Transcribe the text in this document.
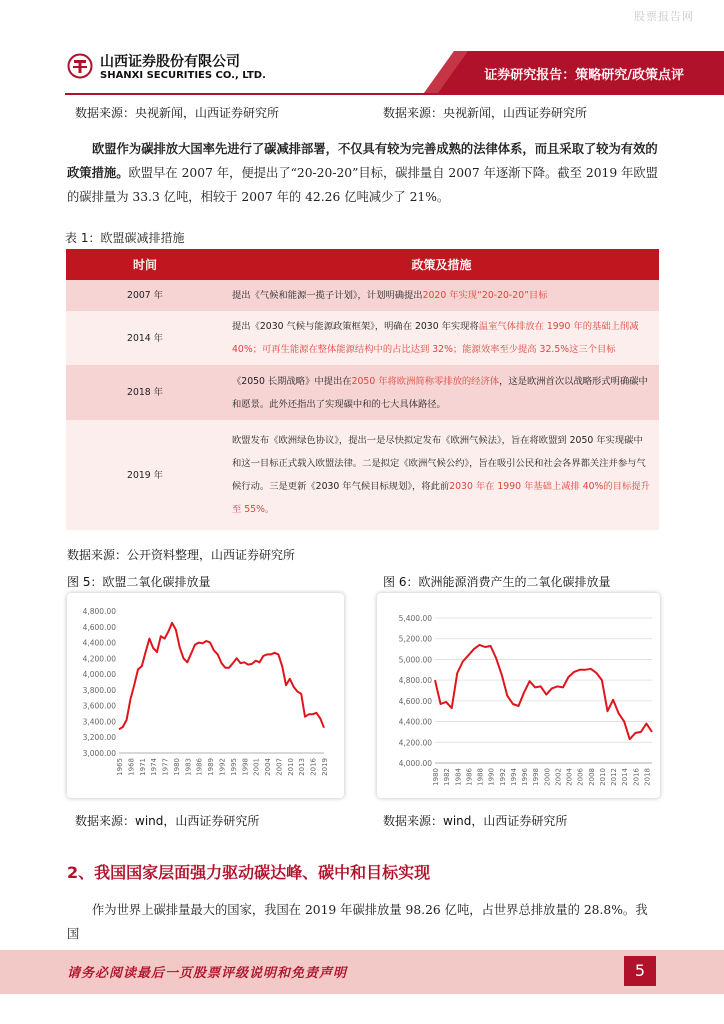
股票报告网
山西证券股份有限公司
SHANXI SECURITIES CO., LTD.	证券研究报告：策略研究/政策点评
数据来源：央视新闻，山西证券研究所	数据来源：央视新闻，山西证券研究所
欧盟作为碳排放大国率先进行了碳减排部署，不仅具有较为完善成熟的法律体系，而且采取了较为有效的政策措施。欧盟早在 2007 年，便提出了“20-20-20”目标，碳排量自 2007 年逐渐下降。截至 2019 年欧盟的碳排量为 33.3 亿吨，相较于 2007 年的 42.26 亿吨减少了 21%。
表 1：欧盟碳减排措施
时间	政策及措施
2007 年	提出《气候和能源一揽子计划》，计划明确提出2020 年实现“20-20-20”目标
2014 年	提出《2030 气候与能源政策框架》，明确在 2030 年实现将温室气体排放在 1990 年的基础上削减 40%；可再生能源在整体能源结构中的占比达到 32%；能源效率至少提高 32.5%这三个目标
2018 年	《2050 长期战略》中提出在2050 年将欧洲简称零排放的经济体，这是欧洲首次以战略形式明确碳中和愿景。此外还指出了实现碳中和的七大具体路径。
2019 年	欧盟发布《欧洲绿色协议》，提出一是尽快拟定发布《欧洲气候法》，旨在将欧盟到 2050 年实现碳中和这一目标正式载入欧盟法律。二是拟定《欧洲气候公约》，旨在吸引公民和社会各界都关注并参与气候行动。三是更新《2030 年气候目标规划》，将此前2030 年在 1990 年基础上减排 40%的目标提升至 55%。
数据来源：公开资料整理，山西证券研究所
图 5：欧盟二氧化碳排放量	图 6：欧洲能源消费产生的二氧化碳排放量
3,000.00
3,200.00
3,400.00
3,600.00
3,800.00
4,000.00
4,200.00
4,400.00
4,600.00
4,800.00
1965 1968 1971 1974 1977 1980 1983 1986 1989 1992 1995 1998 2001 2004 2007 2010 2013 2016 2019	4,000.00
4,200.00
4,400.00
4,600.00
4,800.00
5,000.00
5,200.00
5,400.00
1980 1982 1984 1986 1988 1990 1992 1994 1996 1998 2000 2002 2004 2006 2008 2010 2012 2014 2016 2018
数据来源：wind，山西证券研究所	数据来源：wind，山西证券研究所
2、我国国家层面强力驱动碳达峰、碳中和目标实现
作为世界上碳排量最大的国家，我国在 2019 年碳排放量 98.26 亿吨，占世界总排放量的 28.8%。我国
请务必阅读最后一页股票评级说明和免责声明	5
